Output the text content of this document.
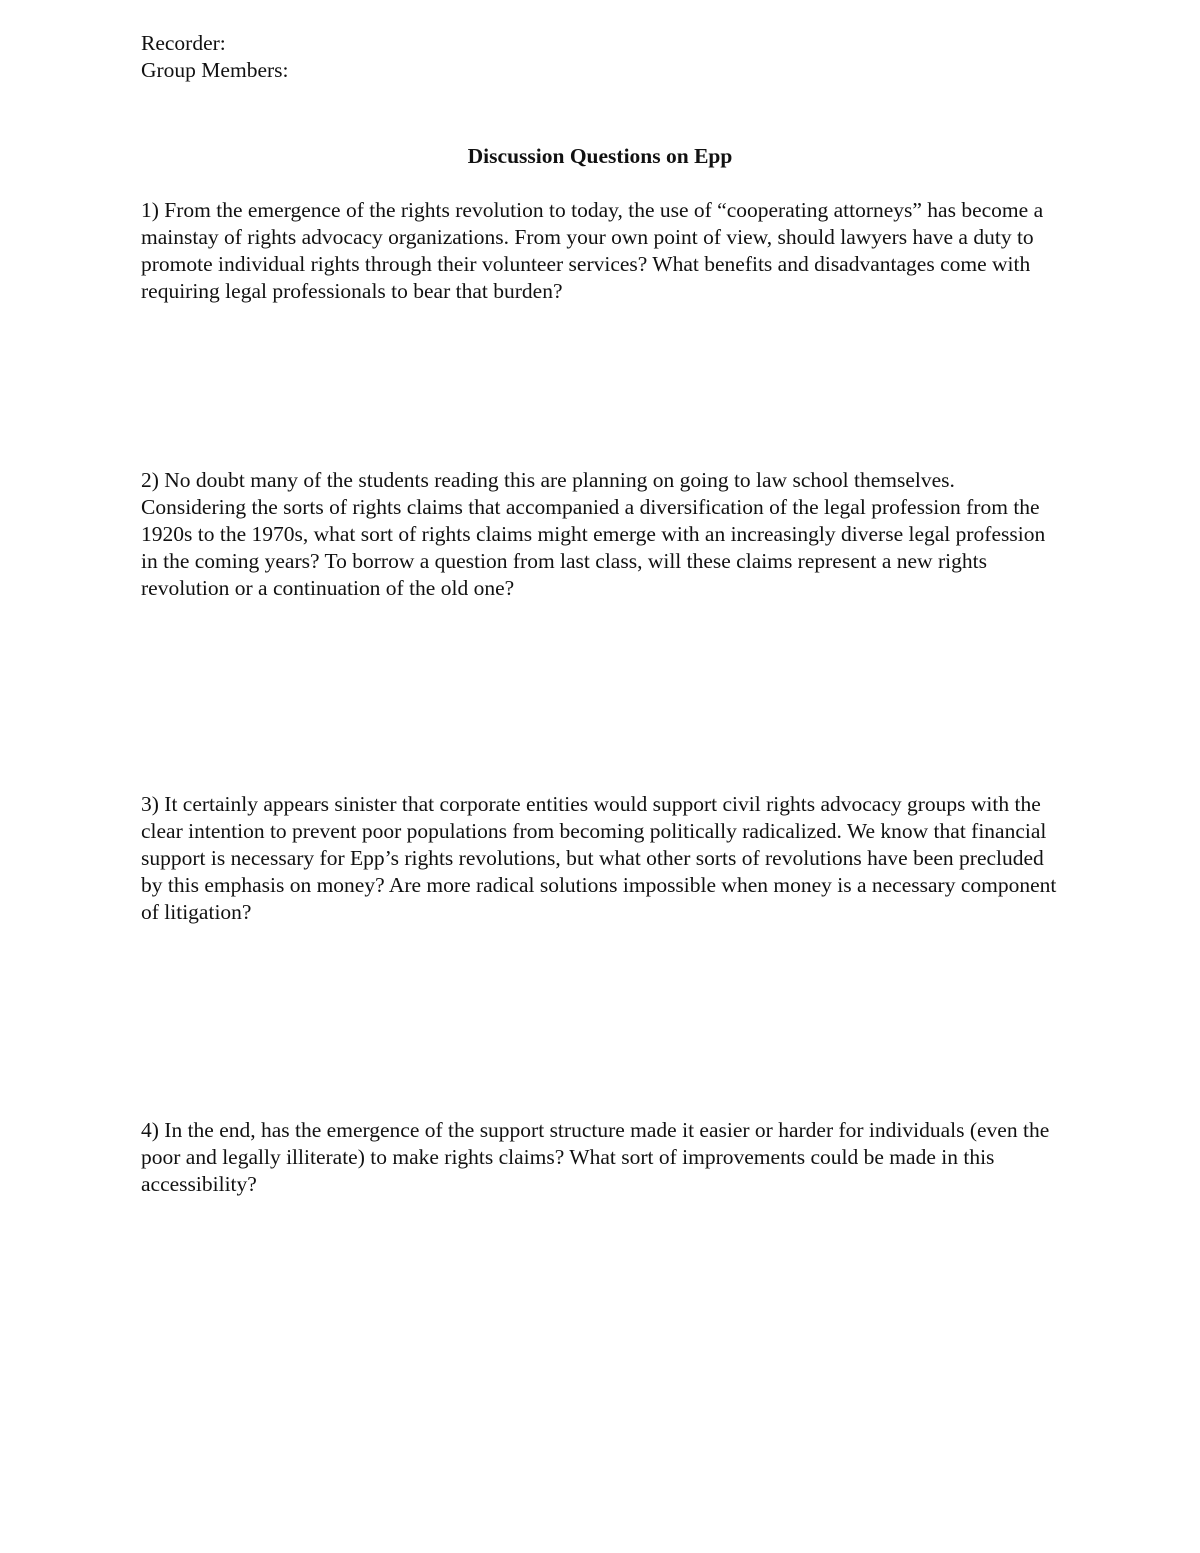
Recorder:
Group Members:
Discussion Questions on Epp

1) From the emergence of the rights revolution to today, the use of “cooperating attorneys” has become a mainstay of rights advocacy organizations. From your own point of view, should lawyers have a duty to promote individual rights through their volunteer services? What benefits and disadvantages come with requiring legal professionals to bear that burden?

2) No doubt many of the students reading this are planning on going to law school themselves. Considering the sorts of rights claims that accompanied a diversification of the legal profession from the 1920s to the 1970s, what sort of rights claims might emerge with an increasingly diverse legal profession in the coming years? To borrow a question from last class, will these claims represent a new rights revolution or a continuation of the old one?

3) It certainly appears sinister that corporate entities would support civil rights advocacy groups with the clear intention to prevent poor populations from becoming politically radicalized. We know that financial support is necessary for Epp’s rights revolutions, but what other sorts of revolutions have been precluded by this emphasis on money? Are more radical solutions impossible when money is a necessary component of litigation?

4) In the end, has the emergence of the support structure made it easier or harder for individuals (even the poor and legally illiterate) to make rights claims? What sort of improvements could be made in this accessibility?
